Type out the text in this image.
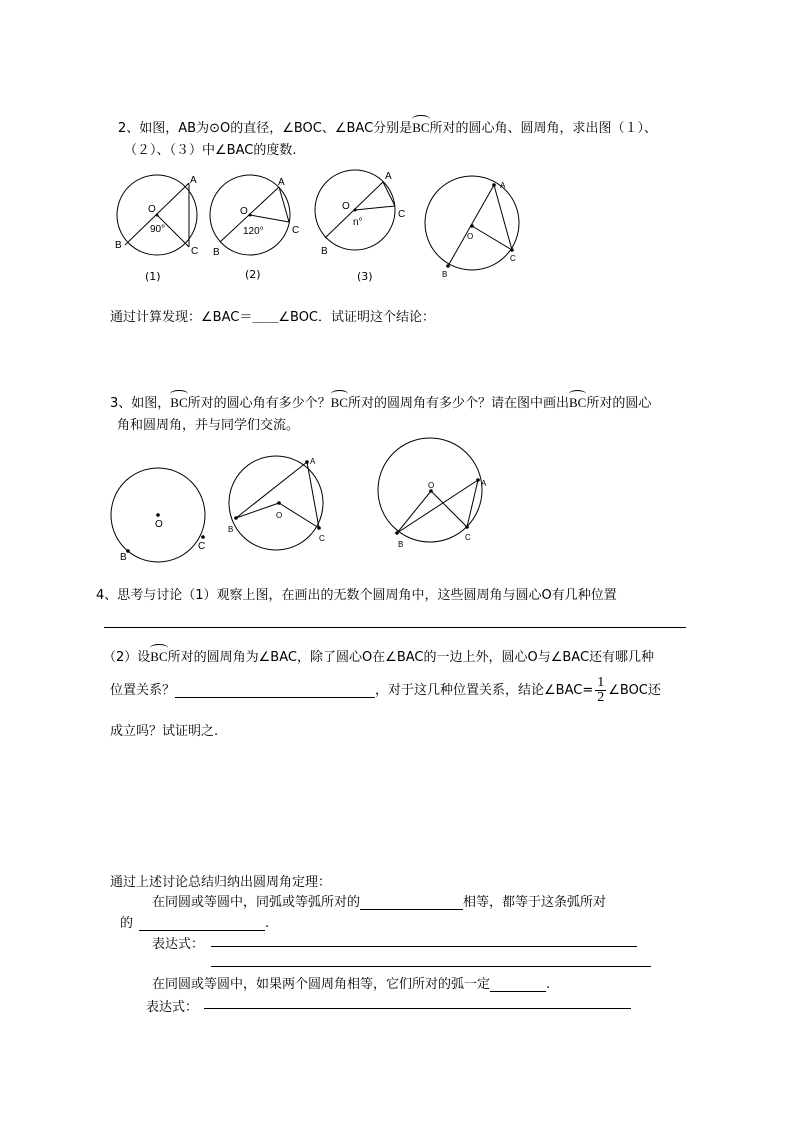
2、如图，AB为⊙O的直径，∠BOC、∠BAC分别是BC所对的圆心角、圆周角，求出图（１）、
（２）、（３）中∠BAC的度数.
A
B
C
O
90°
(1)
A
B
C
O
120°
(2)
A
B
C
O
n°
(3)
A
B
C
O
通过计算发现：∠BAC＝＿＿∠BOC．试证明这个结论：
3、如图，BC所对的圆心角有多少个？BC所对的圆周角有多少个？请在图中画出BC所对的圆心
角和圆周角，并与同学们交流。
O
B
C
A
B
C
O
A
B
C
O
4、思考与讨论（1）观察上图，在画出的无数个圆周角中，这些圆周角与圆心O有几种位置
（2）设BC所对的圆周角为∠BAC，除了圆心O在∠BAC的一边上外，圆心O与∠BAC还有哪几种
位置关系？	，对于这几种位置关系，结论∠BAC= $\frac{1}{2}$ ∠BOC还
成立吗？试证明之.
通过上述讨论总结归纳出圆周角定理：
在同圆或等圆中，同弧或等弧所对的	相等，都等于这条弧所对
的	.
表达式：
在同圆或等圆中，如果两个圆周角相等，它们所对的弧一定	.
表达式：
